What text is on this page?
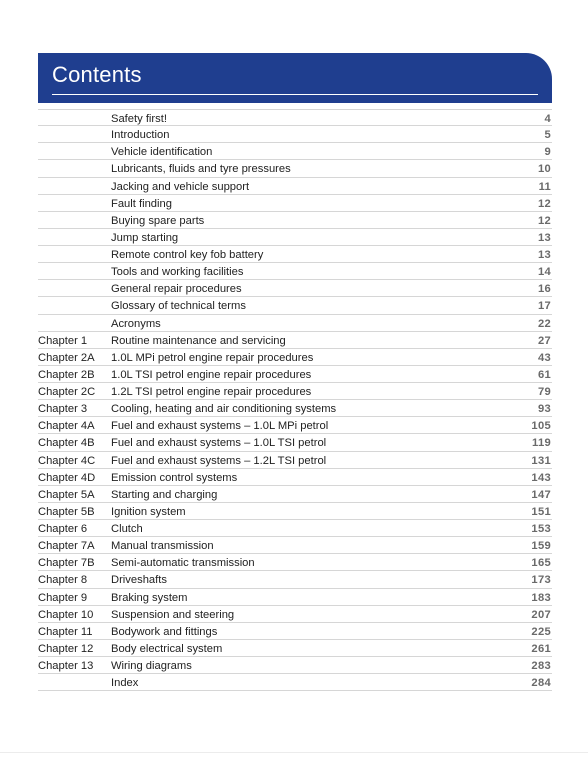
Contents
Safety first!	4
Introduction	5
Vehicle identification	9
Lubricants, fluids and tyre pressures	10
Jacking and vehicle support	11
Fault finding	12
Buying spare parts	12
Jump starting	13
Remote control key fob battery	13
Tools and working facilities	14
General repair procedures	16
Glossary of technical terms	17
Acronyms	22
Chapter 1 Routine maintenance and servicing	27
Chapter 2A 1.0L MPi petrol engine repair procedures	43
Chapter 2B 1.0L TSI petrol engine repair procedures	61
Chapter 2C 1.2L TSI petrol engine repair procedures	79
Chapter 3 Cooling, heating and air conditioning systems	93
Chapter 4A Fuel and exhaust systems – 1.0L MPi petrol	105
Chapter 4B Fuel and exhaust systems – 1.0L TSI petrol	119
Chapter 4C Fuel and exhaust systems – 1.2L TSI petrol	131
Chapter 4D Emission control systems	143
Chapter 5A Starting and charging	147
Chapter 5B Ignition system	151
Chapter 6 Clutch	153
Chapter 7A Manual transmission	159
Chapter 7B Semi-automatic transmission	165
Chapter 8 Driveshafts	173
Chapter 9 Braking system	183
Chapter 10 Suspension and steering	207
Chapter 11 Bodywork and fittings	225
Chapter 12 Body electrical system	261
Chapter 13 Wiring diagrams	283
Index	284
